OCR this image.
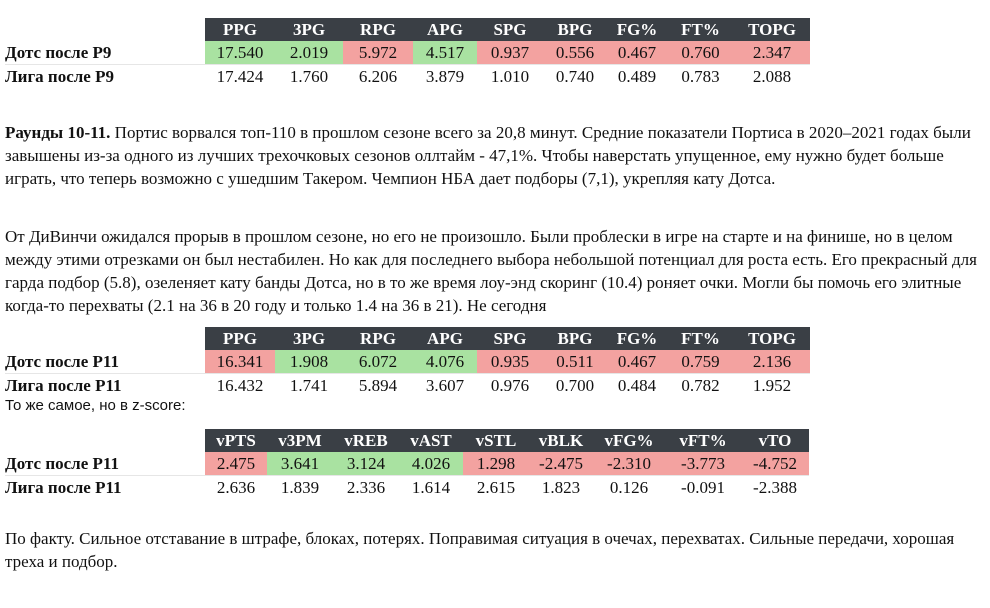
	PPG	3PG	RPG	APG	SPG	BPG	FG%	FT%	TOPG
Дотс после Р9	17.540	2.019	5.972	4.517	0.937	0.556	0.467	0.760	2.347
Лига после Р9	17.424	1.760	6.206	3.879	1.010	0.740	0.489	0.783	2.088

Раунды 10-11. Портис ворвался топ-110 в прошлом сезоне всего за 20,8 минут. Средние показатели Портиса в 2020–2021 годах были завышены из-за одного из лучших трехочковых сезонов оллтайм - 47,1%. Чтобы наверстать упущенное, ему нужно будет больше играть, что теперь возможно с ушедшим Такером. Чемпион НБА дает подборы (7,1), укрепляя кату Дотса.

От ДиВинчи ожидался прорыв в прошлом сезоне, но его не произошло. Были проблески в игре на старте и на финише, но в целом между этими отрезками он был нестабилен. Но как для последнего выбора небольшой потенциал для роста есть. Его прекрасный для гарда подбор (5.8), озеленяет кату банды Дотса, но в то же время лоу-энд скоринг (10.4) роняет очки. Могли бы помочь его элитные когда-то перехваты (2.1 на 36 в 20 году и только 1.4 на 36 в 21). Не сегодня

	PPG	3PG	RPG	APG	SPG	BPG	FG%	FT%	TOPG
Дотс после Р11	16.341	1.908	6.072	4.076	0.935	0.511	0.467	0.759	2.136
Лига после Р11	16.432	1.741	5.894	3.607	0.976	0.700	0.484	0.782	1.952

То же самое, но в z-score:

	vPTS	v3PM	vREB	vAST	vSTL	vBLK	vFG%	vFT%	vTO
Дотс после Р11	2.475	3.641	3.124	4.026	1.298	-2.475	-2.310	-3.773	-4.752
Лига после Р11	2.636	1.839	2.336	1.614	2.615	1.823	0.126	-0.091	-2.388

По факту. Сильное отставание в штрафе, блоках, потерях. Поправимая ситуация в очечах, перехватах. Сильные передачи, хорошая треха и подбор.
